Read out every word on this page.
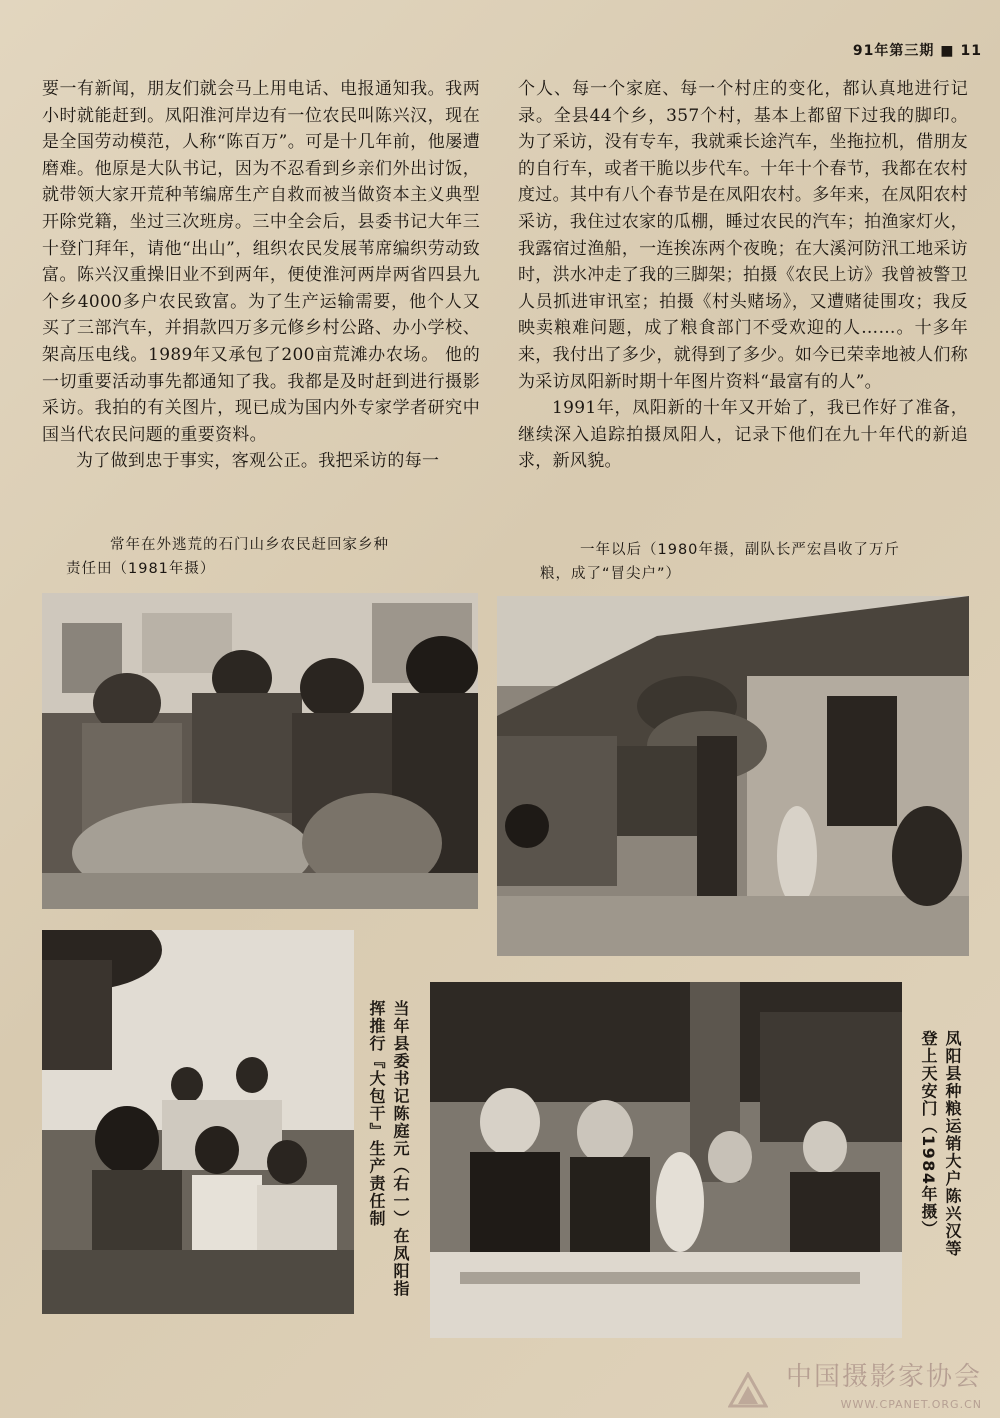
91年第三期 ■ 11

要一有新闻，朋友们就会马上用电话、电报通知我。我两小时就能赶到。凤阳淮河岸边有一位农民叫陈兴汉，现在是全国劳动模范，人称“陈百万”。可是十几年前，他屡遭磨难。他原是大队书记，因为不忍看到乡亲们外出讨饭，就带领大家开荒种苇编席生产自救而被当做资本主义典型开除党籍，坐过三次班房。三中全会后，县委书记大年三十登门拜年，请他“出山”，组织农民发展苇席编织劳动致富。陈兴汉重操旧业不到两年，便使淮河两岸两省四县九个乡4000多户农民致富。为了生产运输需要，他个人又买了三部汽车，并捐款四万多元修乡村公路、办小学校、架高压电线。1989年又承包了200亩荒滩办农场。 他的一切重要活动事先都通知了我。我都是及时赶到进行摄影采访。我拍的有关图片，现已成为国内外专家学者研究中国当代农民问题的重要资料。

为了做到忠于事实，客观公正。我把采访的每一

个人、每一个家庭、每一个村庄的变化，都认真地进行记录。全县44个乡，357个村，基本上都留下过我的脚印。为了采访，没有专车，我就乘长途汽车，坐拖拉机，借朋友的自行车，或者干脆以步代车。十年十个春节，我都在农村度过。其中有八个春节是在凤阳农村。多年来，在凤阳农村采访，我住过农家的瓜棚，睡过农民的汽车；拍渔家灯火，我露宿过渔船，一连挨冻两个夜晚；在大溪河防汛工地采访时，洪水冲走了我的三脚架；拍摄《农民上访》我曾被警卫人员抓进审讯室；拍摄《村头赌场》，又遭赌徒围攻；我反映卖粮难问题，成了粮食部门不受欢迎的人……。十多年来，我付出了多少，就得到了多少。如今已荣幸地被人们称为采访凤阳新时期十年图片资料“最富有的人”。

1991年，凤阳新的十年又开始了，我已作好了准备，继续深入追踪拍摄凤阳人，记录下他们在九十年代的新追求，新风貌。

常年在外逃荒的石门山乡农民赶回家乡种
责任田（1981年摄）
一年以后（1980年摄，副队长严宏昌收了万斤
粮，成了“冒尖户”）
当年县委书记陈庭元（右一）在凤阳指
挥推行『大包干』生产责任制	凤阳县种粮运销大户陈兴汉等
登上天安门（1984年摄）
中国摄影家协会
WWW.CPANET.ORG.CN
